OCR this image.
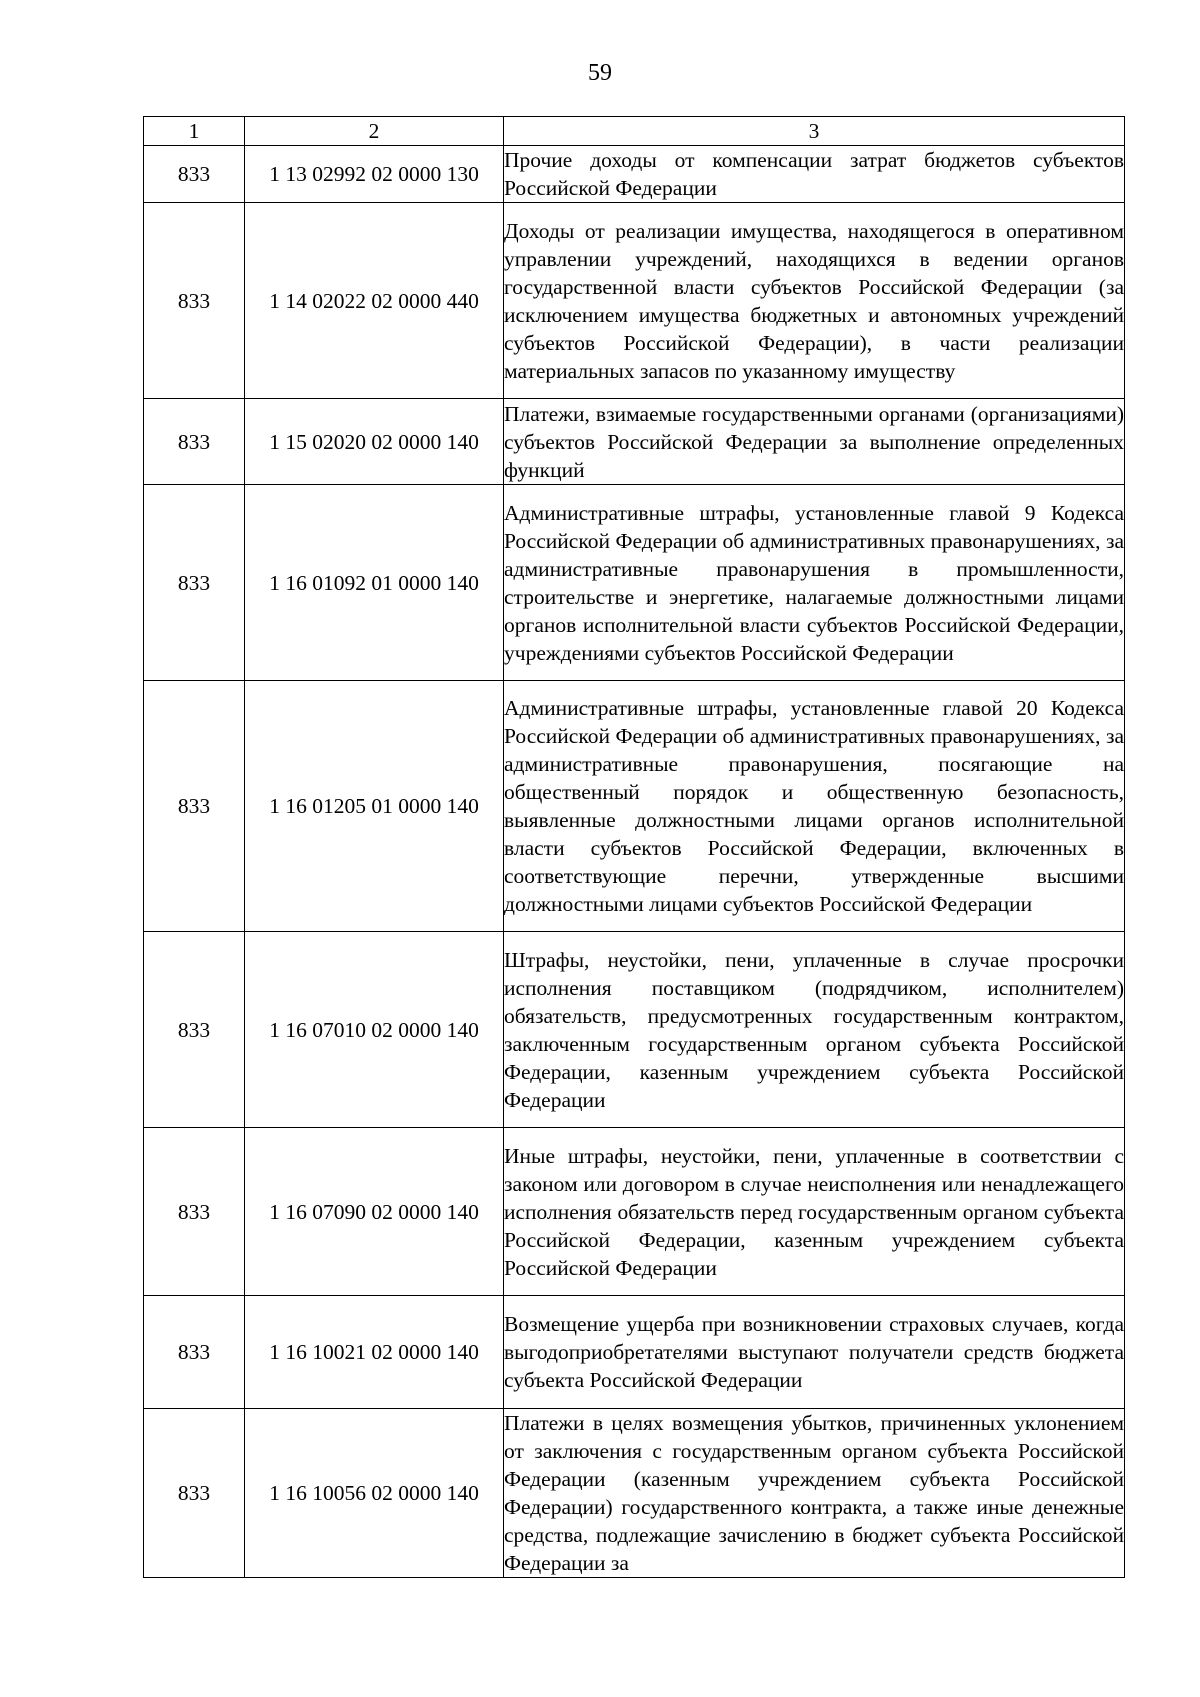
59
1	2	3
833	1 13 02992 02 0000 130	Прочие доходы от компенсации затрат бюджетов субъектов Российской Федерации
833	1 14 02022 02 0000 440	Доходы от реализации имущества, находящегося в оперативном управлении учреждений, находящихся в ведении органов государственной власти субъектов Российской Федерации (за исключением имущества бюджетных и автономных учреждений субъектов Российской Федерации), в части реализации материальных запасов по указанному имуществу
833	1 15 02020 02 0000 140	Платежи, взимаемые государственными органами (организациями) субъектов Российской Федерации за выполнение определенных функций
833	1 16 01092 01 0000 140	Административные штрафы, установленные главой 9 Кодекса Российской Федерации об административных правонарушениях, за административные правонарушения в промышленности, строительстве и энергетике, налагаемые должностными лицами органов исполнительной власти субъектов Российской Федерации, учреждениями субъектов Российской Федерации
833	1 16 01205 01 0000 140	Административные штрафы, установленные главой 20 Кодекса Российской Федерации об административных правонарушениях, за административные правонарушения, посягающие на общественный порядок и общественную безопасность, выявленные должностными лицами органов исполнительной власти субъектов Российской Федерации, включенных в соответствующие перечни, утвержденные высшими должностными лицами субъектов Российской Федерации
833	1 16 07010 02 0000 140	Штрафы, неустойки, пени, уплаченные в случае просрочки исполнения поставщиком (подрядчиком, исполнителем) обязательств, предусмотренных государственным контрактом, заключенным государственным органом субъекта Российской Федерации, казенным учреждением субъекта Российской Федерации
833	1 16 07090 02 0000 140	Иные штрафы, неустойки, пени, уплаченные в соответствии с законом или договором в случае неисполнения или ненадлежащего исполнения обязательств перед государственным органом субъекта Российской Федерации, казенным учреждением субъекта Российской Федерации
833	1 16 10021 02 0000 140	Возмещение ущерба при возникновении страховых случаев, когда выгодоприобретателями выступают получатели средств бюджета субъекта Российской Федерации
833	1 16 10056 02 0000 140	Платежи в целях возмещения убытков, причиненных уклонением от заключения с государственным органом субъекта Российской Федерации (казенным учреждением субъекта Российской Федерации) государственного контракта, а также иные денежные средства, подлежащие зачислению в бюджет субъекта Российской Федерации за
